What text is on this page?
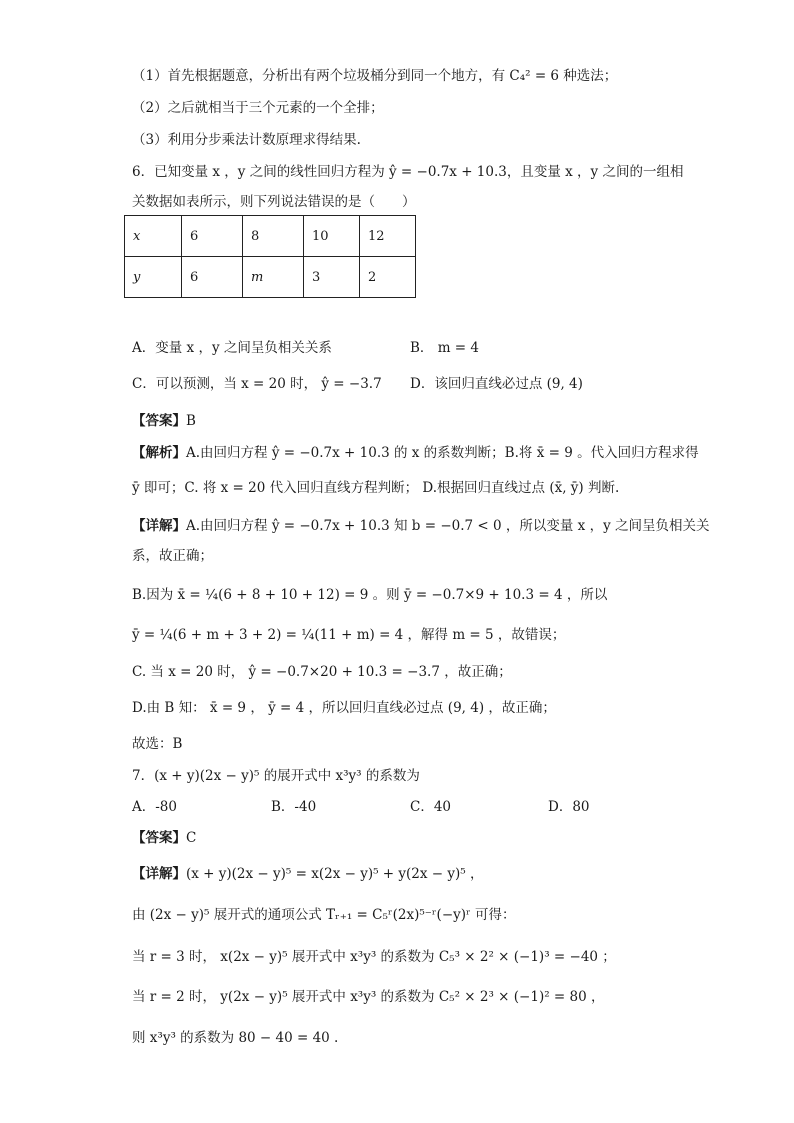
（1）首先根据题意，分析出有两个垃圾桶分到同一个地方，有 C₄² = 6 种选法；
（2）之后就相当于三个元素的一个全排；
（3）利用分步乘法计数原理求得结果.
6．已知变量 x ，y 之间的线性回归方程为 ŷ = −0.7x + 10.3，且变量 x ，y 之间的一组相
关数据如表所示，则下列说法错误的是（　　）
x	6	8	10	12
y	6	m	3	2
A．变量 x ，y 之间呈负相关关系	B． m = 4
C．可以预测，当 x = 20 时， ŷ = −3.7 D．该回归直线必过点 (9, 4)
【答案】B
【解析】A.由回归方程 ŷ = −0.7x + 10.3 的 x 的系数判断；B.将 x̄ = 9 。代入回归方程求得
ȳ 即可；C. 将 x = 20 代入回归直线方程判断； D.根据回归直线过点 (x̄, ȳ) 判断.
【详解】A.由回归方程 ŷ = −0.7x + 10.3 知 b = −0.7 < 0 ，所以变量 x ，y 之间呈负相关关
系，故正确；
B.因为 x̄ = ¼(6 + 8 + 10 + 12) = 9 。则 ȳ = −0.7×9 + 10.3 = 4 ，所以
ȳ = ¼(6 + m + 3 + 2) = ¼(11 + m) = 4 ，解得 m = 5 ，故错误；
C. 当 x = 20 时， ŷ = −0.7×20 + 10.3 = −3.7 ，故正确；
D.由 B 知： x̄ = 9 ， ȳ = 4 ，所以回归直线必过点 (9, 4) ，故正确；
故选：B
7．(x + y)(2x − y)⁵ 的展开式中 x³y³ 的系数为
A．-80	B．-40	C．40	D．80
【答案】C
【详解】(x + y)(2x − y)⁵ = x(2x − y)⁵ + y(2x − y)⁵ ，
由 (2x − y)⁵ 展开式的通项公式 Tᵣ₊₁ = C₅ʳ(2x)⁵⁻ʳ(−y)ʳ 可得：
当 r = 3 时， x(2x − y)⁵ 展开式中 x³y³ 的系数为 C₅³ × 2² × (−1)³ = −40 ；
当 r = 2 时， y(2x − y)⁵ 展开式中 x³y³ 的系数为 C₅² × 2³ × (−1)² = 80 ，
则 x³y³ 的系数为 80 − 40 = 40 .
